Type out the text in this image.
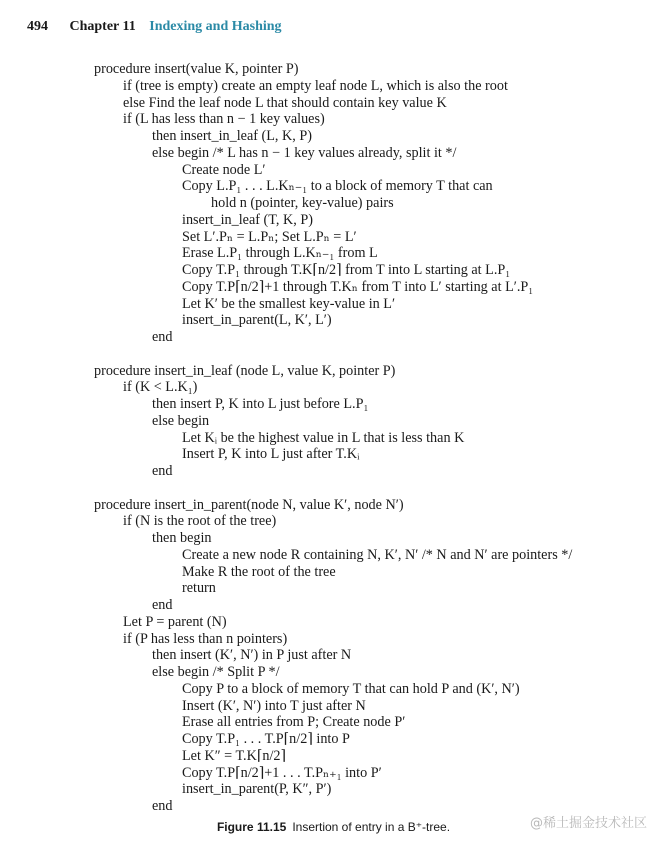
494 Chapter 11 Indexing and Hashing
procedure insert(value K, pointer P)
if (tree is empty) create an empty leaf node L, which is also the root
else Find the leaf node L that should contain key value K
if (L has less than n − 1 key values)
then insert_in_leaf (L, K, P)
else begin /* L has n − 1 key values already, split it */
Create node L′
Copy L.P₁ . . . L.Kₙ₋₁ to a block of memory T that can
hold n (pointer, key-value) pairs
insert_in_leaf (T, K, P)
Set L′.Pₙ = L.Pₙ; Set L.Pₙ = L′
Erase L.P₁ through L.Kₙ₋₁ from L
Copy T.P₁ through T.K⌈n/2⌉ from T into L starting at L.P₁
Copy T.P⌈n/2⌉+1 through T.Kₙ from T into L′ starting at L′.P₁
Let K′ be the smallest key-value in L′
insert_in_parent(L, K′, L′)
end
procedure insert_in_leaf (node L, value K, pointer P)
if (K < L.K₁)
then insert P, K into L just before L.P₁
else begin
Let Kᵢ be the highest value in L that is less than K
Insert P, K into L just after T.Kᵢ
end
procedure insert_in_parent(node N, value K′, node N′)
if (N is the root of the tree)
then begin
Create a new node R containing N, K′, N′ /* N and N′ are pointers */
Make R the root of the tree
return
end
Let P = parent (N)
if (P has less than n pointers)
then insert (K′, N′) in P just after N
else begin /* Split P */
Copy P to a block of memory T that can hold P and (K′, N′)
Insert (K′, N′) into T just after N
Erase all entries from P; Create node P′
Copy T.P₁ . . . T.P⌈n/2⌉ into P
Let K″ = T.K⌈n/2⌉
Copy T.P⌈n/2⌉+1 . . . T.Pₙ₊₁ into P′
insert_in_parent(P, K″, P′)
end
Figure 11.15 Insertion of entry in a B⁺-tree.	@稀土掘金技术社区
